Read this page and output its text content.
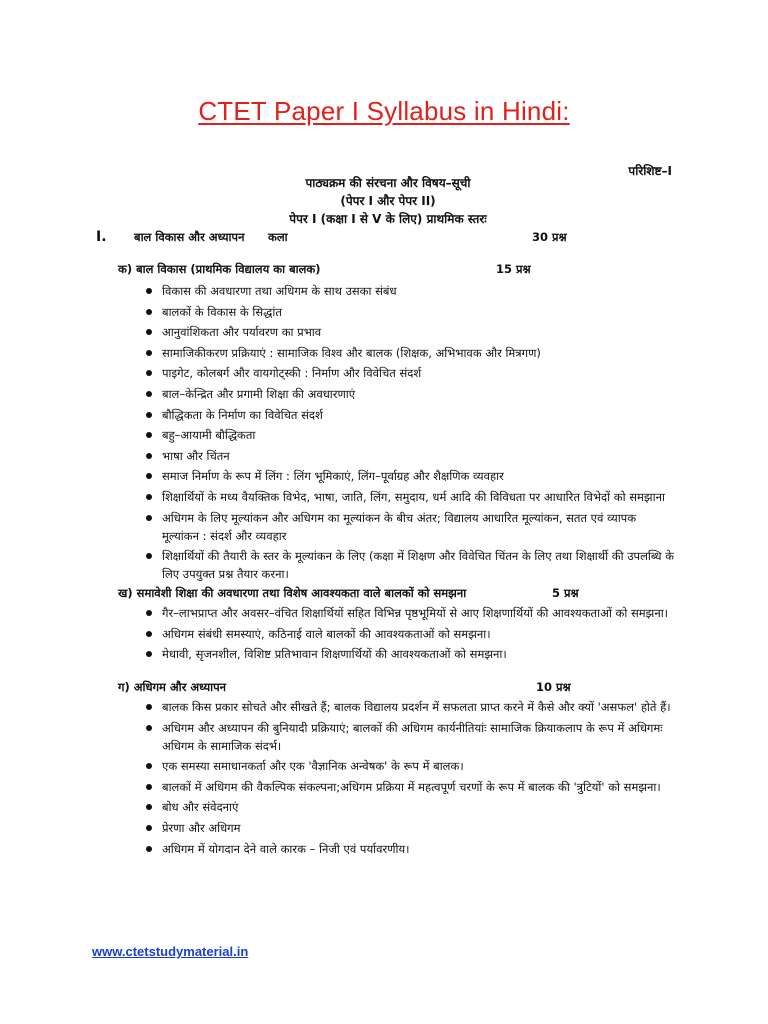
CTET Paper I Syllabus in Hindi:
परिशिष्ट–I
पाठ्यक्रम की संरचना और विषय–सूची
(पेपर I और पेपर II)
पेपर I (कक्षा I से V के लिए) प्राथमिक स्तरः
I. बाल विकास और अध्यापन कला	30 प्रश्न
क) बाल विकास (प्राथमिक विद्यालय का बालक)	15 प्रश्न
विकास की अवधारणा तथा अधिगम के साथ उसका संबंध
बालकों के विकास के सिद्धांत
आनुवांशिकता और पर्यावरण का प्रभाव
सामाजिकीकरण प्रक्रियाएं : सामाजिक विश्व और बालक (शिक्षक, अभिभावक और मित्रगण)
पाइगेट, कोलबर्ग और वायगोट्स्की : निर्माण और विवेचित संदर्श
बाल–केन्द्रित और प्रगामी शिक्षा की अवधारणाएं
बौद्धिकता के निर्माण का विवेचित संदर्श
बहु–आयामी बौद्धिकता
भाषा और चिंतन
समाज निर्माण के रूप में लिंग : लिंग भूमिकाएं, लिंग–पूर्वाग्रह और शैक्षणिक व्यवहार
शिक्षार्थियों के मध्य वैयक्तिक विभेद, भाषा, जाति, लिंग, समुदाय, धर्म आदि की विविधता पर आधारित विभेदों को समझाना
अधिगम के लिए मूल्यांकन और अधिगम का मूल्यांकन के बीच अंतर; विद्यालय आधारित मूल्यांकन, सतत एवं व्यापक मूल्यांकन : संदर्श और व्यवहार
शिक्षार्थियों की तैयारी के स्तर के मूल्यांकन के लिए (कक्षा में शिक्षण और विवेचित चिंतन के लिए तथा शिक्षार्थी की उपलब्धि के लिए उपयुक्त प्रश्न तैयार करना।
ख) समावेशी शिक्षा की अवधारणा तथा विशेष आवश्यकता वाले बालकों को समझना	5 प्रश्न
गैर–लाभप्राप्त और अवसर–वंचित शिक्षार्थियों सहित विभिन्न पृष्ठभूमियों से आए शिक्षणार्थियों की आवश्यकताओं को समझना।
अधिगम संबंधी समस्याएं, कठिनाई वाले बालकों की आवश्यकताओं को समझना।
मेधावी, सृजनशील, विशिष्ट प्रतिभावान शिक्षणार्थियों की आवश्यकताओं को समझना।
ग) अधिगम और अध्यापन	10 प्रश्न
बालक किस प्रकार सोचते और सीखते हैं; बालक विद्यालय प्रदर्शन में सफलता प्राप्त करने में कैसे और क्यों 'असफल' होते हैं।
अधिगम और अध्यापन की बुनियादी प्रक्रियाएं; बालकों की अधिगम कार्यनीतियांः सामाजिक क्रियाकलाप के रूप में अधिगमः अधिगम के सामाजिक संदर्भ।
एक समस्या समाधानकर्ता और एक 'वैज्ञानिक अन्वेषक' के रूप में बालक।
बालकों में अधिगम की वैकल्पिक संकल्पना;अधिगम प्रक्रिया में महत्वपूर्ण चरणों के रूप में बालक की 'त्रुटियों' को समझना।
बोध और संवेदनाएं
प्रेरणा और अधिगम
अधिगम में योगदान देने वाले कारक – निजी एवं पर्यावरणीय।
www.ctetstudymaterial.in
